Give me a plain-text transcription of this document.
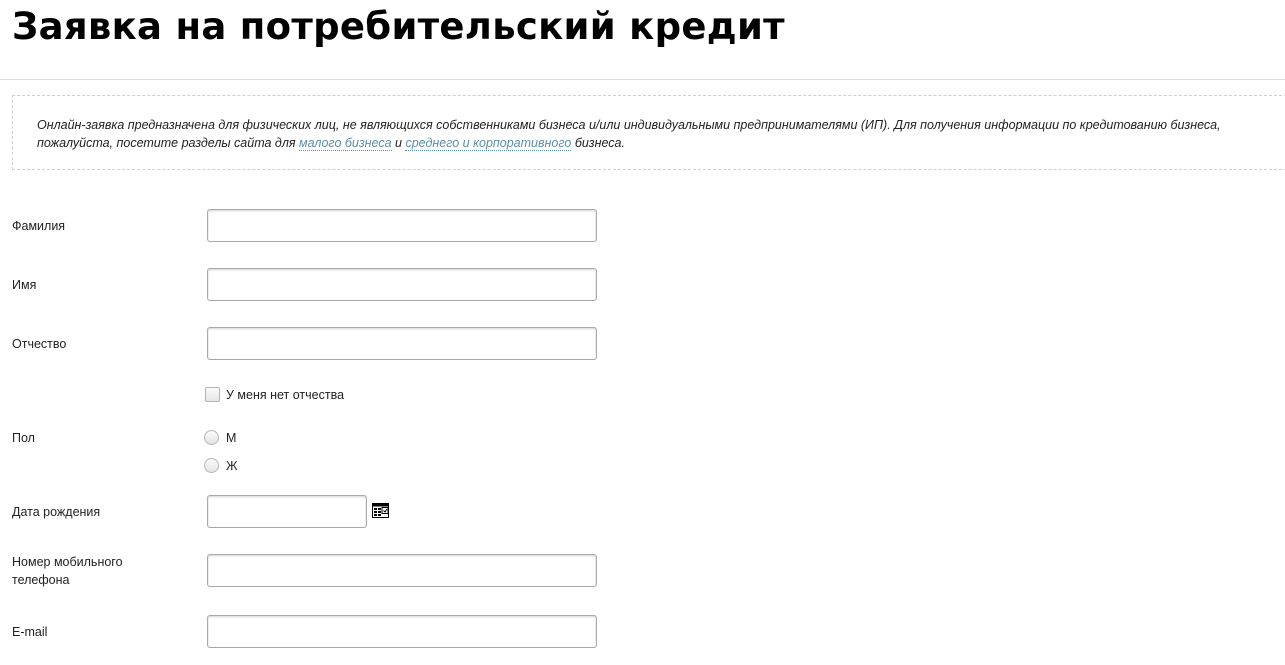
Заявка на потребительский кредит
Онлайн-заявка предназначена для физических лиц, не являющихся собственниками бизнеса и/или индивидуальными предпринимателями (ИП). Для получения информации по кредитованию бизнеса, пожалуйста, посетите разделы сайта для малого бизнеса и среднего и корпоративного бизнеса.
Фамилия
Имя
Отчество
У меня нет отчества
Пол	М
Ж
Дата рождения
Номер мобильного
телефона
E-mail
